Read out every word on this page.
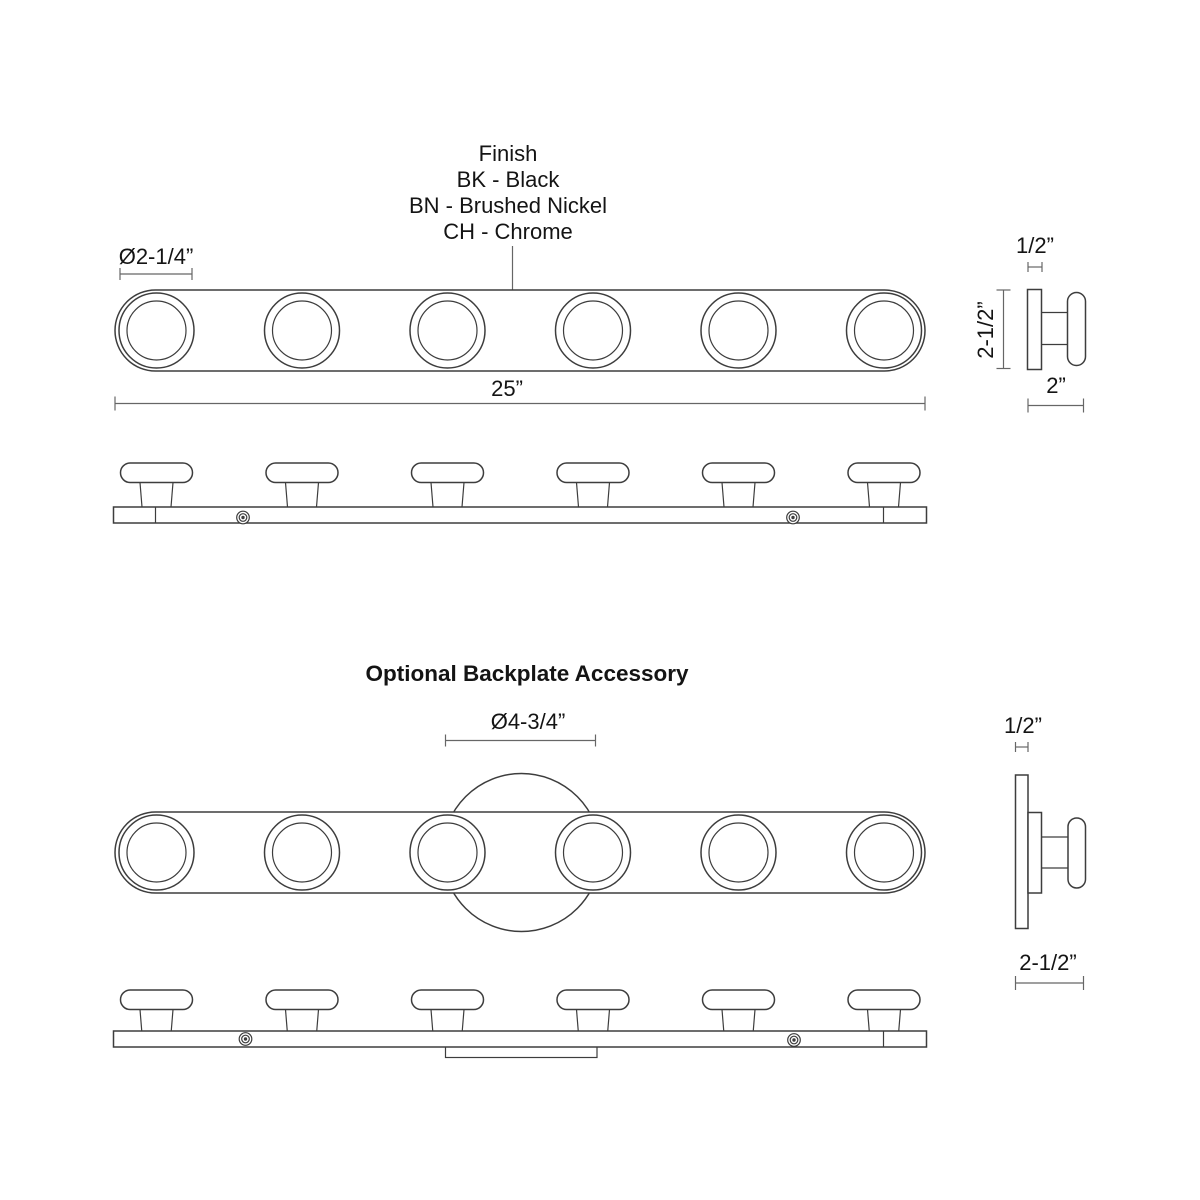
Finish
BK - Black
BN - Brushed Nickel
CH - Chrome
Ø2-1/4”
25”
1/2”
2-1/2”
2”
Optional Backplate Accessory
Ø4-3/4”	1/2”
2-1/2”
